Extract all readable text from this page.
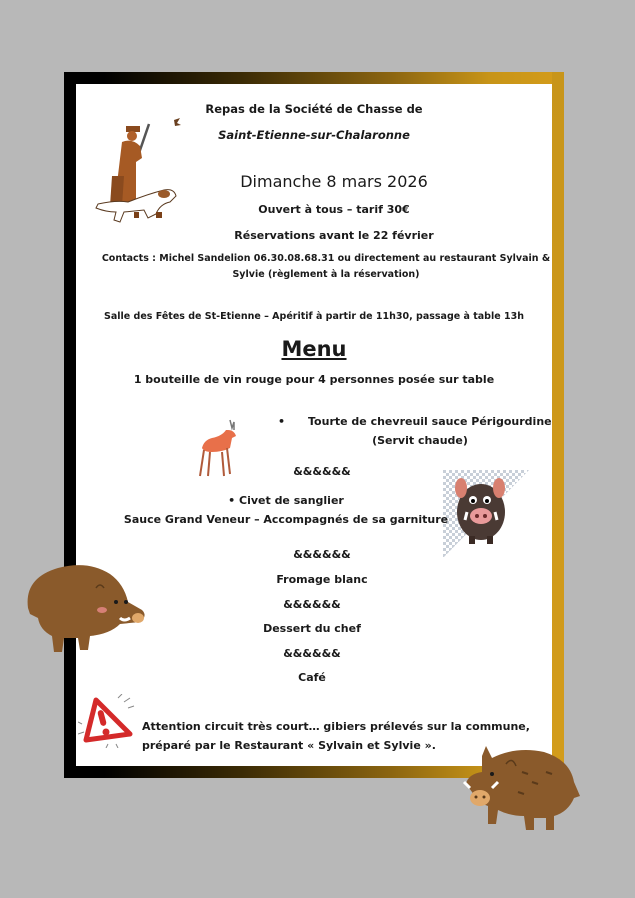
Repas de la Société de Chasse de
Saint-Etienne-sur-Chalaronne
Dimanche 8 mars 2026
Ouvert à tous – tarif 30€
Réservations avant le 22 février
Contacts : Michel Sandelion 06.30.08.68.31 ou directement au restaurant Sylvain & Sylvie (règlement à la réservation)
Salle des Fêtes de St-Etienne – Apéritif à partir de 11h30, passage à table 13h
Menu
1 bouteille de vin rouge pour 4 personnes posée sur table
• Tourte de chevreuil sauce Périgourdine
(Servit chaude)
&&&&&&
• Civet de sanglier
Sauce Grand Veneur – Accompagnés de sa garniture
&&&&&&
Fromage blanc
&&&&&&
Dessert du chef
&&&&&&
Café
Attention circuit très court… gibiers prélevés sur la commune,
préparé par le Restaurant « Sylvain et Sylvie ».
